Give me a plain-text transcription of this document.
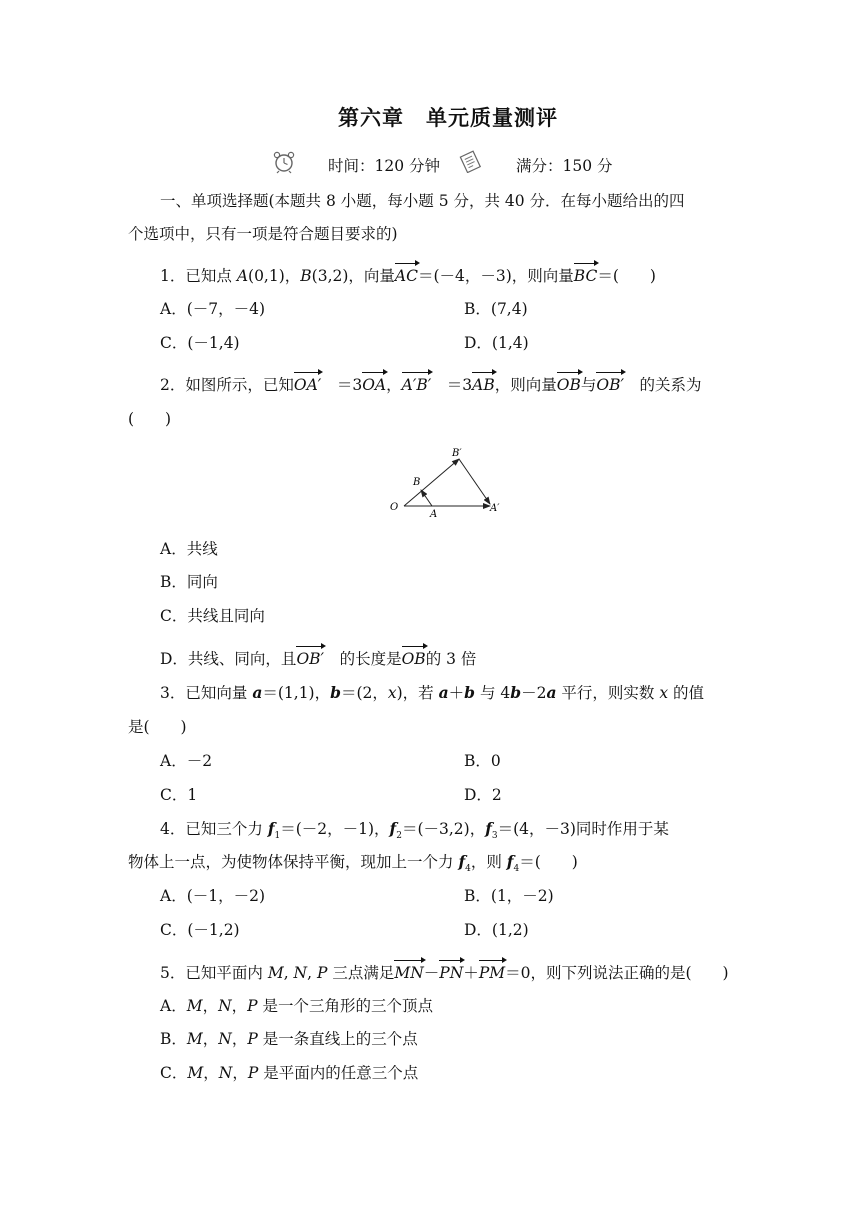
第六章　单元质量测评
时间：120 分钟	满分：150 分
一、单项选择题(本题共 8 小题，每小题 5 分，共 40 分．在每小题给出的四
个选项中，只有一项是符合题目要求的)
1．已知点 A(0,1)，B(3,2)，向量AC＝(－4，－3)，则向量BC＝(　　)
A．(－7，－4)	B．(7,4)
C．(－1,4)	D．(1,4)
2．如图所示，已知OA′　 ＝3OA，A′B′　 ＝3AB，则向量OB与OB′　 的关系为
(　　)
O
A
B
A′
B′
A．共线
B．同向
C．共线且同向
D．共线、同向，且OB′　 的长度是OB的 3 倍
3．已知向量 a＝(1,1)，b＝(2，x)，若 a＋b 与 4b－2a 平行，则实数 x 的值
是(　　)
A．－2	B．0
C．1	D．2
4．已知三个力 $f_1=(-2$，－1)，$f_2=(-3,2)$，$f_3=(4$，－3)同时作用于某
物体上一点，为使物体保持平衡，现加上一个力 $f_4$，则 $f_4=$(　　)
A．(－1，－2)	B．(1，－2)
C．(－1,2)	D．(1,2)
5．已知平面内 M, N, P 三点满足MN－PN＋PM＝0，则下列说法正确的是(　　)
A．M，N，P 是一个三角形的三个顶点
B．M，N，P 是一条直线上的三个点
C．M，N，P 是平面内的任意三个点
